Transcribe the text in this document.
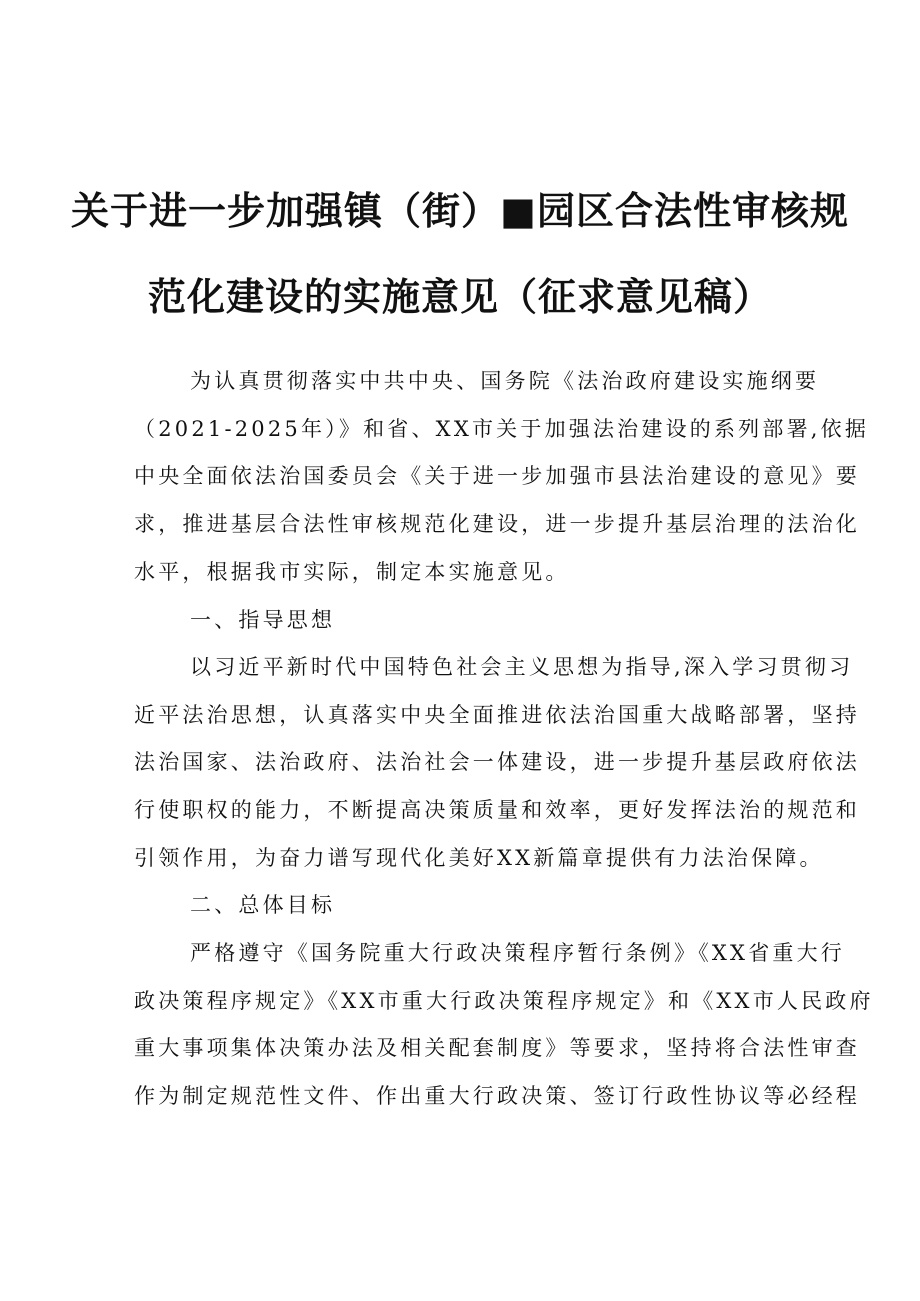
关于进一步加强镇（街）■园区合法性审核规
范化建设的实施意见（征求意见稿）
为认真贯彻落实中共中央、国务院《法治政府建设实施纲要
（2021-2025年）》和省、XX市关于加强法治建设的系列部署,依据
中央全面依法治国委员会《关于进一步加强市县法治建设的意见》要
求，推进基层合法性审核规范化建设，进一步提升基层治理的法治化
水平，根据我市实际，制定本实施意见。
一、指导思想
以习近平新时代中国特色社会主义思想为指导,深入学习贯彻习
近平法治思想，认真落实中央全面推进依法治国重大战略部署，坚持
法治国家、法治政府、法治社会一体建设，进一步提升基层政府依法
行使职权的能力，不断提高决策质量和效率，更好发挥法治的规范和
引领作用，为奋力谱写现代化美好XX新篇章提供有力法治保障。
二、总体目标
严格遵守《国务院重大行政决策程序暂行条例》《XX省重大行
政决策程序规定》《XX市重大行政决策程序规定》和《XX市人民政府
重大事项集体决策办法及相关配套制度》等要求，坚持将合法性审查
作为制定规范性文件、作出重大行政决策、签订行政性协议等必经程
